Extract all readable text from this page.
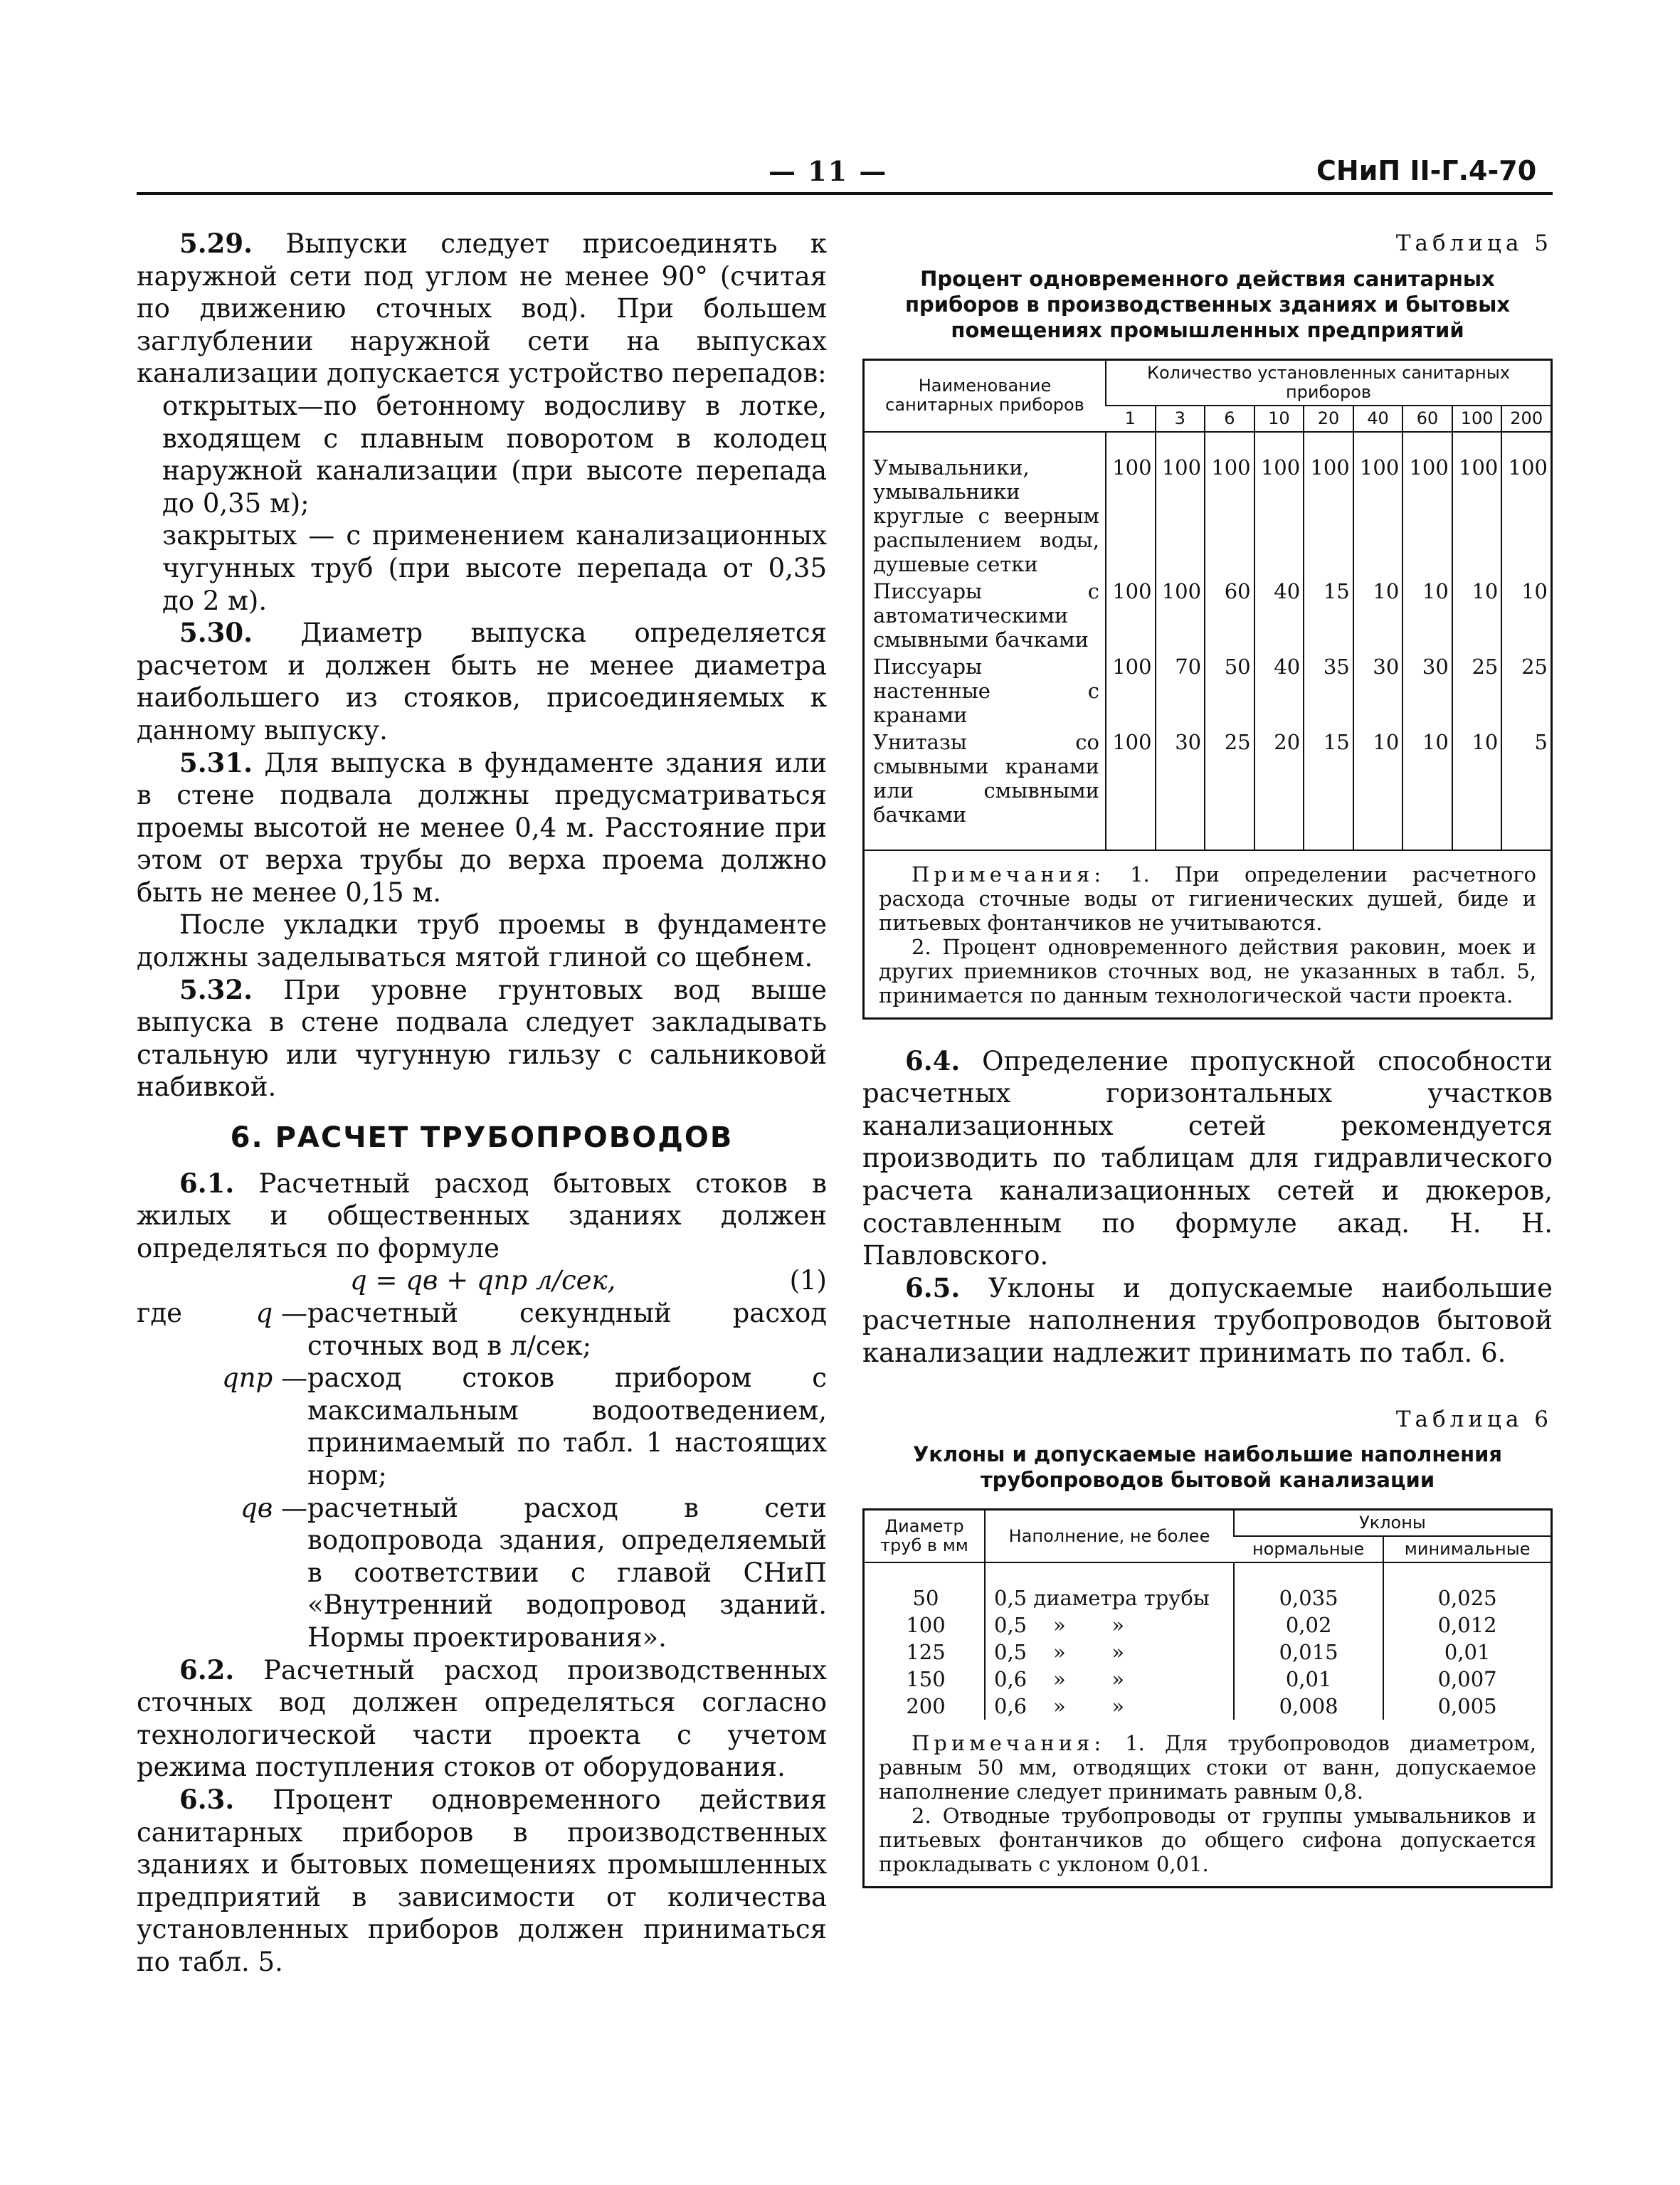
— 11 —	СНиП II-Г.4-70

5.29. Выпуски следует присоединять к наружной сети под углом не менее 90° (считая по движению сточных вод). При большем заглублении наружной сети на выпусках канализации допускается устройство перепадов:

открытых—по бетонному водосливу в лотке, входящем с плавным поворотом в колодец наружной канализации (при высоте перепада до 0,35 м);

закрытых — с применением канализационных чугунных труб (при высоте перепада от 0,35 до 2 м).

5.30. Диаметр выпуска определяется расчетом и должен быть не менее диаметра наибольшего из стояков, присоединяемых к данному выпуску.

5.31. Для выпуска в фундаменте здания или в стене подвала должны предусматриваться проемы высотой не менее 0,4 м. Расстояние при этом от верха трубы до верха проема должно быть не менее 0,15 м.

После укладки труб проемы в фундаменте должны заделываться мятой глиной со щебнем.

5.32. При уровне грунтовых вод выше выпуска в стене подвала следует закладывать стальную или чугунную гильзу с сальниковой набивкой.

6. РАСЧЕТ ТРУБОПРОВОДОВ

6.1. Расчетный расход бытовых стоков в жилых и общественных зданиях должен определяться по формуле

q = qв + qпр л/сек,	(1)
где	q — расчетный секундный расход сточных вод в л/сек;
qпр — расход стоков прибором с максимальным водоотведением, принимаемый по табл. 1 настоящих норм;
qв — расчетный расход в сети водопровода здания, определяемый в соответствии с главой СНиП «Внутренний водопровод зданий. Нормы проектирования».

6.2. Расчетный расход производственных сточных вод должен определяться согласно технологической части проекта с учетом режима поступления стоков от оборудования.

6.3. Процент одновременного действия санитарных приборов в производственных зданиях и бытовых помещениях промышленных предприятий в зависимости от количества установленных приборов должен приниматься по табл. 5.

Таблица 5
Процент одновременного действия санитарных приборов в производственных зданиях и бытовых помещениях промышленных предприятий
Наименование санитарных приборов	Количество установленных санитарных приборов								
	1	3	6	10	20	40	60	100	200

Умывальники, умывальники круглые с веерным распылением воды, душевые сетки	100	100	100	100	100	100	100	100	100
Писсуары с автоматическими смывными бачками	100	100	60	40	15	10	10	10	10
Писсуары настенные с кранами	100	70	50	40	35	30	30	25	25
Унитазы со смывными кранами или смывными бачками	100	30	25	20	15	10	10	10	5

Примечания: 1. При определении расчетного расхода сточные воды от гигиенических душей, биде и питьевых фонтанчиков не учитываются.

2. Процент одновременного действия раковин, моек и других приемников сточных вод, не указанных в табл. 5, принимается по данным технологической части проекта.

6.4. Определение пропускной способности расчетных горизонтальных участков канализационных сетей рекомендуется производить по таблицам для гидравлического расчета канализационных сетей и дюкеров, составленным по формуле акад. Н. Н. Павловского.

6.5. Уклоны и допускаемые наибольшие расчетные наполнения трубопроводов бытовой канализации надлежит принимать по табл. 6.

Таблица 6
Уклоны и допускаемые наибольшие наполнения трубопроводов бытовой канализации
Диаметр труб в мм	Наполнение, не более	Уклоны	
		нормальные	минимальные

50	0,5 диаметра трубы	0,035	0,025
100	0,5    »       »	0,02	0,012
125	0,5    »       »	0,015	0,01
150	0,6    »       »	0,01	0,007
200	0,6    »       »	0,008	0,005

Примечания: 1. Для трубопроводов диаметром, равным 50 мм, отводящих стоки от ванн, допускаемое наполнение следует принимать равным 0,8.

2. Отводные трубопроводы от группы умывальников и питьевых фонтанчиков до общего сифона допускается прокладывать с уклоном 0,01.
